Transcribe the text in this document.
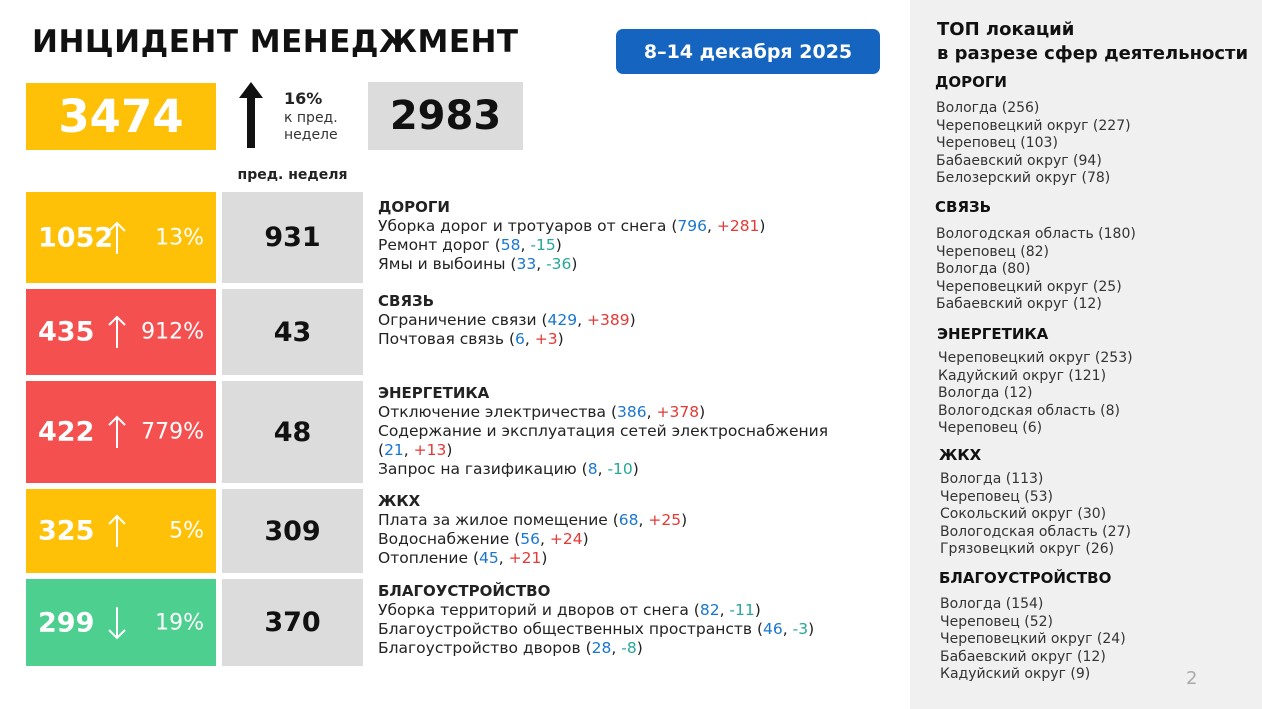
ИНЦИДЕНТ МЕНЕДЖМЕНТ	8–14 декабря 2025
3474	16%
к пред.
неделе	2983
пред. неделя
1052 13%	931
ДОРОГИ
Уборка дорог и тротуаров от снега (796, +281)
Ремонт дорог (58, -15)
Ямы и выбоины (33, -36)
435 912%	43
СВЯЗЬ
Ограничение связи (429, +389)
Почтовая связь (6, +3)
422 779%	48
ЭНЕРГЕТИКА
Отключение электричества (386, +378)
Содержание и эксплуатация сетей электроснабжения (21, +13)
Запрос на газификацию (8, -10)
325	5%	309
ЖКХ
Плата за жилое помещение (68, +25)
Водоснабжение (56, +24)
Отопление (45, +21)
299	19%	370
БЛАГОУСТРОЙСТВО
Уборка территорий и дворов от снега (82, -11)
Благоустройство общественных пространств (46, -3)
Благоустройство дворов (28, -8)
ТОП локаций
в разрезе сфер деятельности
ДОРОГИ
Вологда (256)
Череповецкий округ (227)
Череповец (103)
Бабаевский округ (94)
Белозерский округ (78)
СВЯЗЬ
Вологодская область (180)
Череповец (82)
Вологда (80)
Череповецкий округ (25)
Бабаевский округ (12)
ЭНЕРГЕТИКА
Череповецкий округ (253)
Кадуйский округ (121)
Вологда (12)
Вологодская область (8)
Череповец (6)
ЖКХ
Вологда (113)
Череповец (53)
Сокольский округ (30)
Вологодская область (27)
Грязовецкий округ (26)
БЛАГОУСТРОЙСТВО
Вологда (154)
Череповец (52)
Череповецкий округ (24)
Бабаевский округ (12)
Кадуйский округ (9)	2
